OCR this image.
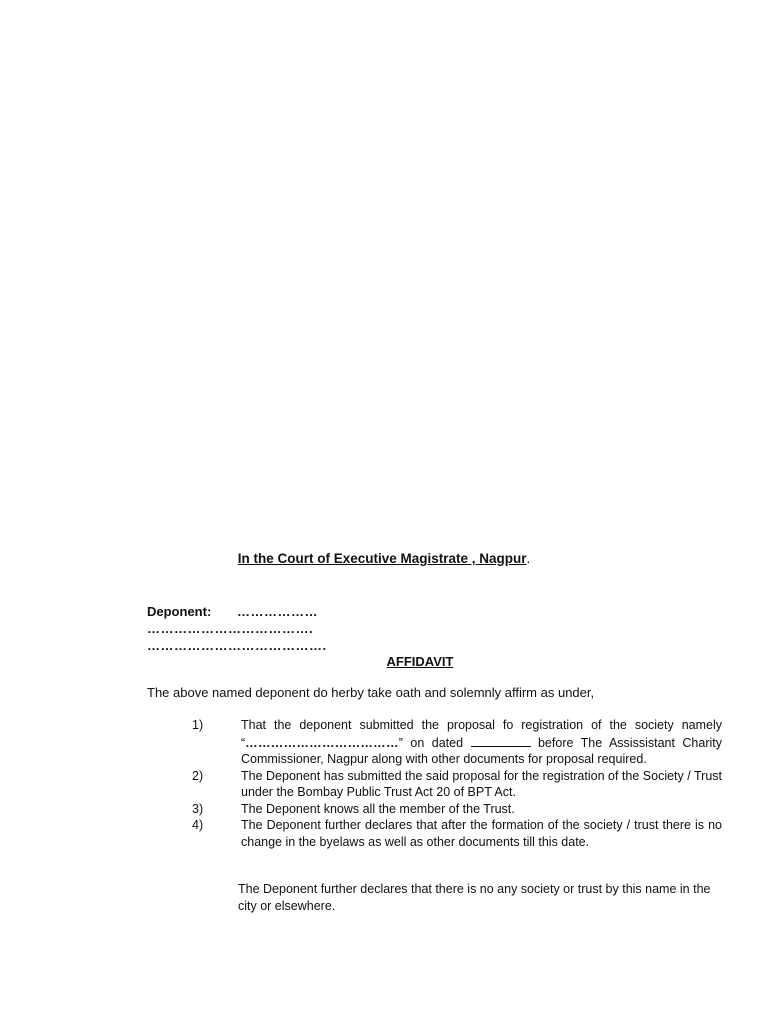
In the Court of Executive Magistrate , Nagpur.
Deponent: ………………
……………………………….
………………………………….
AFFIDAVIT
The above named deponent do herby take oath and solemnly affirm as under,
1)	That the deponent submitted the proposal fo registration of the society namely “………………………………” on dated	before The Assissistant Charity Commissioner, Nagpur along with other documents for proposal required.
2)	The Deponent has submitted the said proposal for the registration of the Society / Trust under the Bombay Public Trust Act 20 of BPT Act.
3)	The Deponent knows all the member of the Trust.
4)	The Deponent further declares that after the formation of the society / trust there is no change in the byelaws as well as other documents till this date.
The Deponent further declares that there is no any society or trust by this name in the city or elsewhere.
